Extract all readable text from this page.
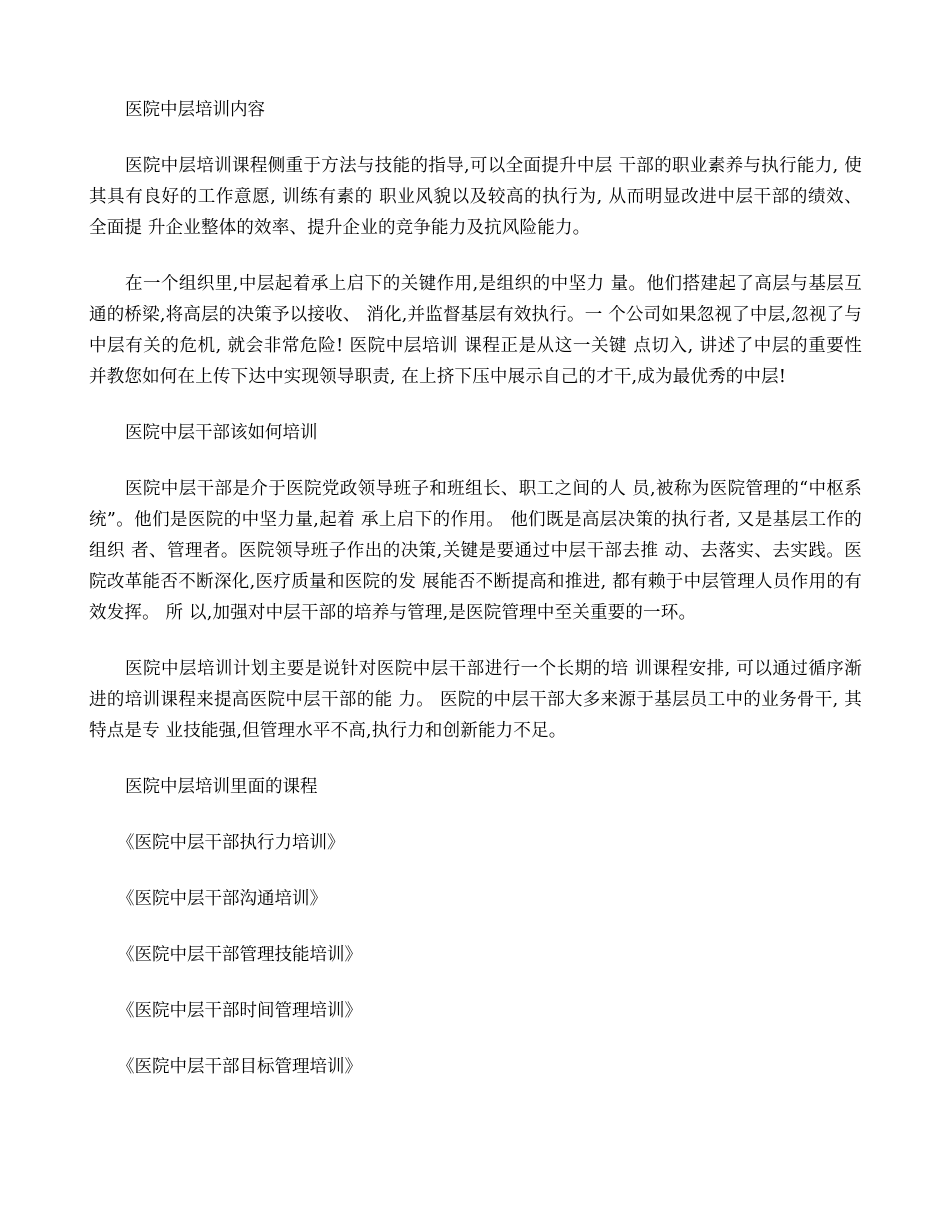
医院中层培训内容

医院中层培训课程侧重于方法与技能的指导,可以全面提升中层 干部的职业素养与执行能力, 使其具有良好的工作意愿, 训练有素的 职业风貌以及较高的执行为, 从而明显改进中层干部的绩效、 全面提 升企业整体的效率、提升企业的竞争能力及抗风险能力。

在一个组织里,中层起着承上启下的关键作用,是组织的中坚力 量。他们搭建起了高层与基层互通的桥梁,将高层的决策予以接收、 消化,并监督基层有效执行。一 个公司如果忽视了中层,忽视了与 中层有关的危机, 就会非常危险! 医院中层培训 课程正是从这一关键 点切入, 讲述了中层的重要性并教您如何在上传下达中实现领导职责, 在上挤下压中展示自己的才干,成为最优秀的中层!

医院中层干部该如何培训

医院中层干部是介于医院党政领导班子和班组长、职工之间的人 员,被称为医院管理的“中枢系统”。他们是医院的中坚力量,起着 承上启下的作用。 他们既是高层决策的执行者, 又是基层工作的组织 者、管理者。医院领导班子作出的决策,关键是要通过中层干部去推 动、去落实、去实践。医院改革能否不断深化,医疗质量和医院的发 展能否不断提高和推进, 都有赖于中层管理人员作用的有效发挥。 所 以,加强对中层干部的培养与管理,是医院管理中至关重要的一环。

医院中层培训计划主要是说针对医院中层干部进行一个长期的培 训课程安排, 可以通过循序渐进的培训课程来提高医院中层干部的能 力。 医院的中层干部大多来源于基层员工中的业务骨干, 其特点是专 业技能强,但管理水平不高,执行力和创新能力不足。

医院中层培训里面的课程

《医院中层干部执行力培训》
《医院中层干部沟通培训》
《医院中层干部管理技能培训》
《医院中层干部时间管理培训》
《医院中层干部目标管理培训》
